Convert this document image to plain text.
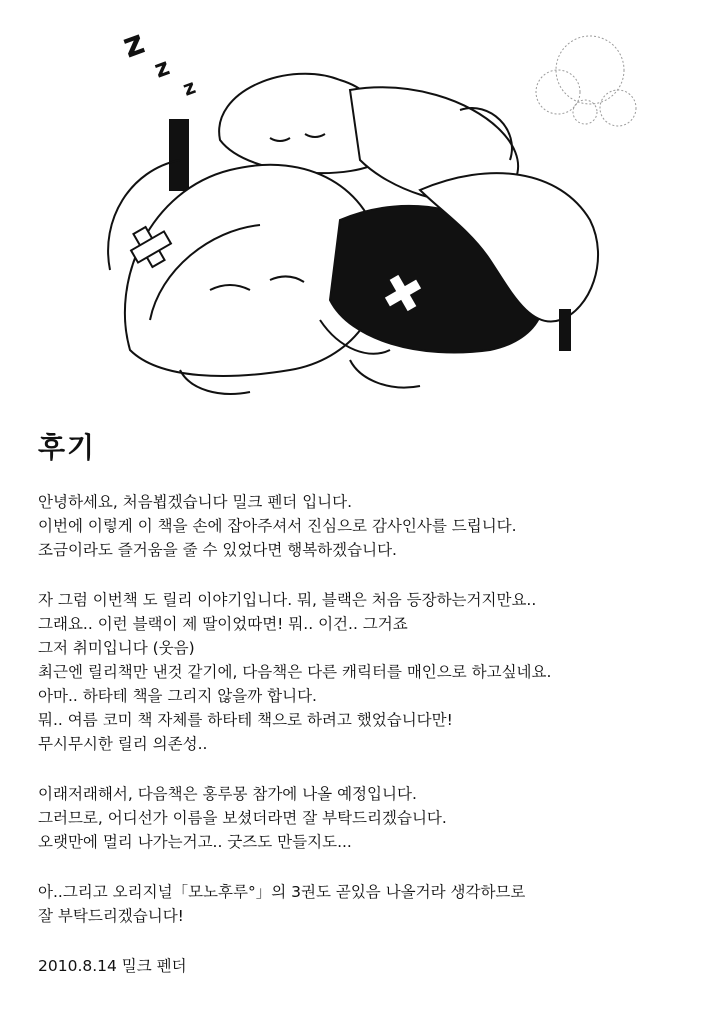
z
z
z
후기
안녕하세요, 처음뵙겠습니다 밀크 펜더 입니다.
이번에 이렇게 이 책을 손에 잡아주셔서 진심으로 감사인사를 드립니다.
조금이라도 즐거움을 줄 수 있었다면 행복하겠습니다.
자 그럼 이번책 도 릴리 이야기입니다. 뭐, 블랙은 처음 등장하는거지만요..
그래요.. 이런 블랙이 제 딸이었따면! 뭐.. 이건.. 그거죠
그저 취미입니다 (웃음)
최근엔 릴리책만 낸것 같기에, 다음책은 다른 캐릭터를 매인으로 하고싶네요.
아마.. 하타테 책을 그리지 않을까 합니다.
뭐.. 여름 코미 책 자체를 하타테 책으로 하려고 했었습니다만!
무시무시한 릴리 의존성..
이래저래해서, 다음책은 홍루몽 참가에 나올 예정입니다.
그러므로, 어디선가 이름을 보셨더라면 잘 부탁드리겠습니다.
오랫만에 멀리 나가는거고.. 굿즈도 만들지도...
아..그리고 오리지널「모노후루°」의 3권도 곧있음 나올거라 생각하므로
잘 부탁드리겠습니다!
2010.8.14 밀크 펜더
